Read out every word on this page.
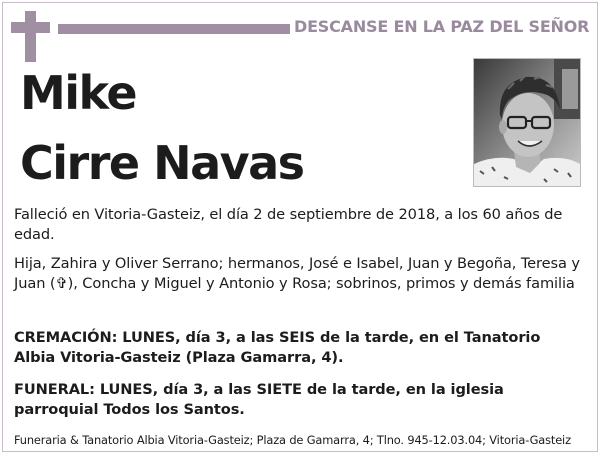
DESCANSE EN LA PAZ DEL SEÑOR
Mike
Cirre Navas
Falleció en Vitoria-Gasteiz, el día 2 de septiembre de 2018, a los 60 años de edad.
Hija, Zahira y Oliver Serrano; hermanos, José e Isabel, Juan y Begoña, Teresa y Juan (✞), Concha y Miguel y Antonio y Rosa; sobrinos, primos y demás familia
CREMACIÓN: LUNES, día 3, a las SEIS de la tarde, en el Tanatorio Albia Vitoria-Gasteiz (Plaza Gamarra, 4).
FUNERAL: LUNES, día 3, a las SIETE de la tarde, en la iglesia parroquial Todos los Santos.
Funeraria & Tanatorio Albia Vitoria-Gasteiz; Plaza de Gamarra, 4; Tlno. 945-12.03.04; Vitoria-Gasteiz
